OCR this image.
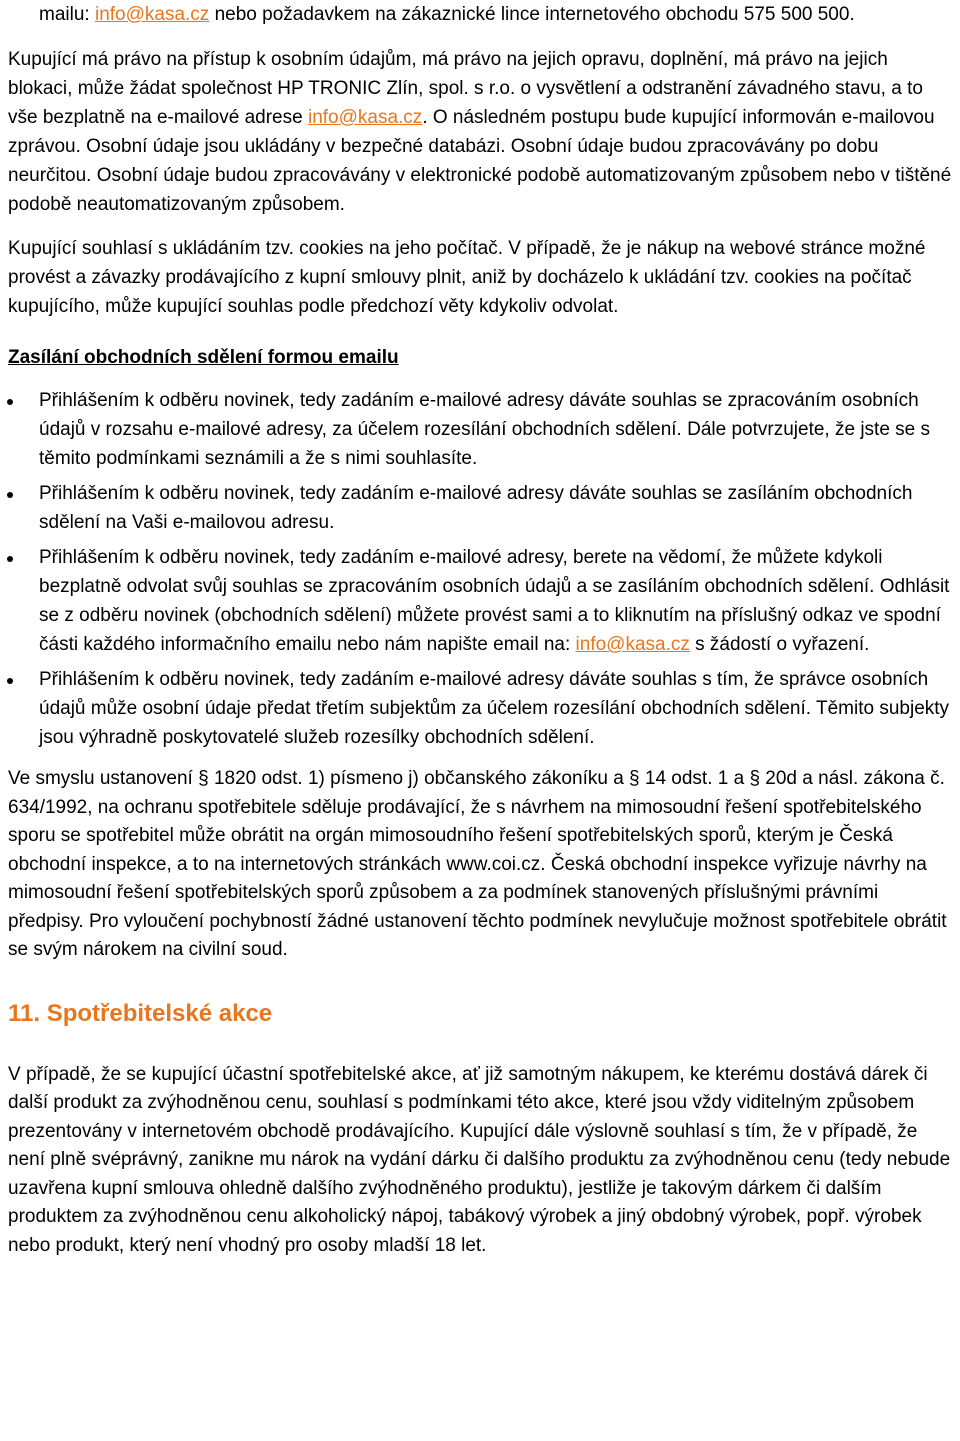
mailu: info@kasa.cz nebo požadavkem na zákaznické lince internetového obchodu 575 500 500.

Kupující má právo na přístup k osobním údajům, má právo na jejich opravu, doplnění, má právo na jejich blokaci, může žádat společnost HP TRONIC Zlín, spol. s r.o. o vysvětlení a odstranění závadného stavu, a to vše bezplatně na e-mailové adrese info@kasa.cz. O následném postupu bude kupující informován e-mailovou zprávou. Osobní údaje jsou ukládány v bezpečné databázi. Osobní údaje budou zpracovávány po dobu neurčitou. Osobní údaje budou zpracovávány v elektronické podobě automatizovaným způsobem nebo v tištěné podobě neautomatizovaným způsobem.

Kupující souhlasí s ukládáním tzv. cookies na jeho počítač. V případě, že je nákup na webové stránce možné provést a závazky prodávajícího z kupní smlouvy plnit, aniž by docházelo k ukládání tzv. cookies na počítač kupujícího, může kupující souhlas podle předchozí věty kdykoliv odvolat.

Zasílání obchodních sdělení formou emailu
Přihlášením k odběru novinek, tedy zadáním e-mailové adresy dáváte souhlas se zpracováním osobních údajů v rozsahu e-mailové adresy, za účelem rozesílání obchodních sdělení. Dále potvrzujete, že jste se s těmito podmínkami seznámili a že s nimi souhlasíte.
Přihlášením k odběru novinek, tedy zadáním e-mailové adresy dáváte souhlas se zasíláním obchodních sdělení na Vaši e-mailovou adresu.
Přihlášením k odběru novinek, tedy zadáním e-mailové adresy, berete na vědomí, že můžete kdykoli bezplatně odvolat svůj souhlas se zpracováním osobních údajů a se zasíláním obchodních sdělení. Odhlásit se z odběru novinek (obchodních sdělení) můžete provést sami a to kliknutím na příslušný odkaz ve spodní části každého informačního emailu nebo nám napište email na: info@kasa.cz s žádostí o vyřazení.
Přihlášením k odběru novinek, tedy zadáním e-mailové adresy dáváte souhlas s tím, že správce osobních údajů může osobní údaje předat třetím subjektům za účelem rozesílání obchodních sdělení. Těmito subjekty jsou výhradně poskytovatelé služeb rozesílky obchodních sdělení.

Ve smyslu ustanovení § 1820 odst. 1) písmeno j) občanského zákoníku a § 14 odst. 1 a § 20d a násl. zákona č. 634/1992, na ochranu spotřebitele sděluje prodávající, že s návrhem na mimosoudní řešení spotřebitelského sporu se spotřebitel může obrátit na orgán mimosoudního řešení spotřebitelských sporů, kterým je Česká obchodní inspekce, a to na internetových stránkách www.coi.cz. Česká obchodní inspekce vyřizuje návrhy na mimosoudní řešení spotřebitelských sporů způsobem a za podmínek stanovených příslušnými právními předpisy. Pro vyloučení pochybností žádné ustanovení těchto podmínek nevylučuje možnost spotřebitele obrátit se svým nárokem na civilní soud.

11. Spotřebitelské akce

V případě, že se kupující účastní spotřebitelské akce, ať již samotným nákupem, ke kterému dostává dárek či další produkt za zvýhodněnou cenu, souhlasí s podmínkami této akce, které jsou vždy viditelným způsobem prezentovány v internetovém obchodě prodávajícího. Kupující dále výslovně souhlasí s tím, že v případě, že není plně svéprávný, zanikne mu nárok na vydání dárku či dalšího produktu za zvýhodněnou cenu (tedy nebude uzavřena kupní smlouva ohledně dalšího zvýhodněného produktu), jestliže je takovým dárkem či dalším produktem za zvýhodněnou cenu alkoholický nápoj, tabákový výrobek a jiný obdobný výrobek, popř. výrobek nebo produkt, který není vhodný pro osoby mladší 18 let.
